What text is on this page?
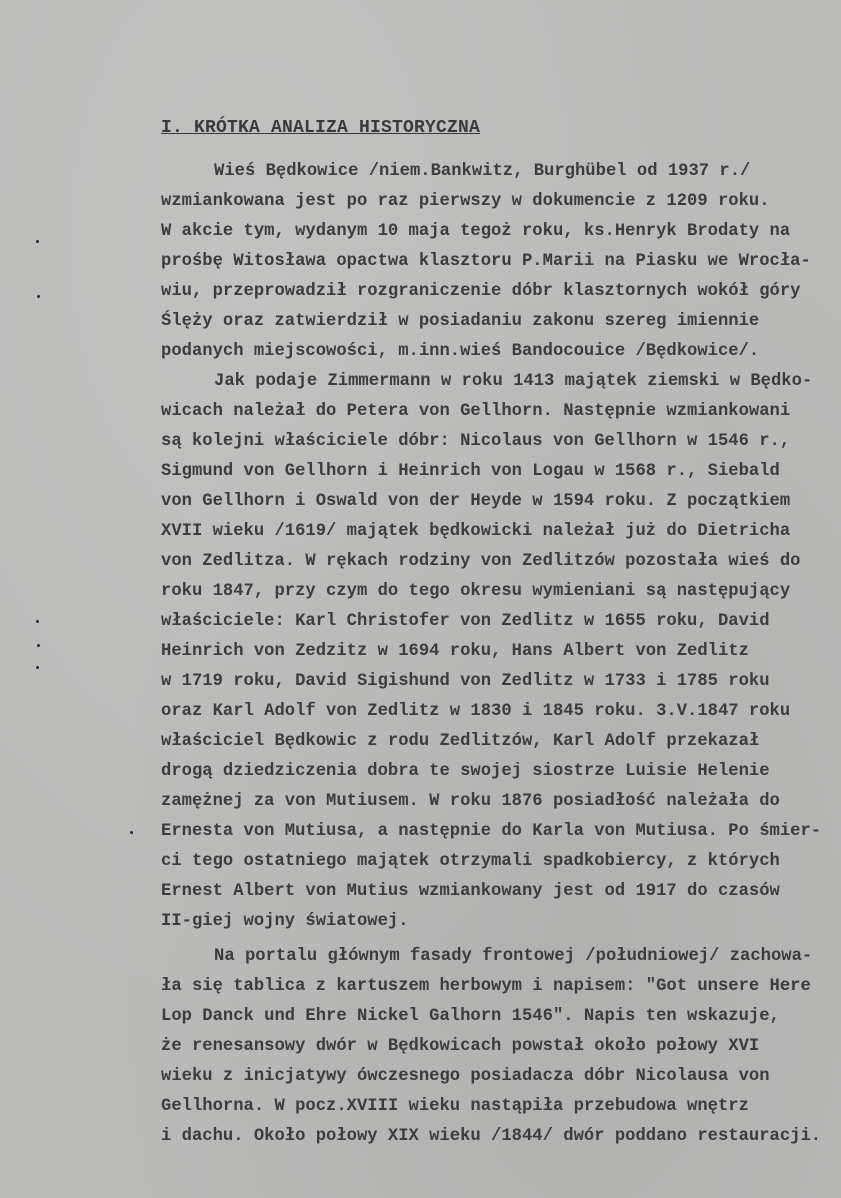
I. KRÓTKA ANALIZA HISTORYCZNA
Wieś Będkowice /niem.Bankwitz, Burghübel od 1937 r./
wzmiankowana jest po raz pierwszy w dokumencie z 1209 roku.
W akcie tym, wydanym 10 maja tegoż roku, ks.Henryk Brodaty na
prośbę Witosława opactwa klasztoru P.Marii na Piasku we Wrocła-
wiu, przeprowadził rozgraniczenie dóbr klasztornych wokół góry
Ślęży oraz zatwierdził w posiadaniu zakonu szereg imiennie
podanych miejscowości, m.inn.wieś Bandocouice /Będkowice/.
Jak podaje Zimmermann w roku 1413 majątek ziemski w Będko-
wicach należał do Petera von Gellhorn. Następnie wzmiankowani
są kolejni właściciele dóbr: Nicolaus von Gellhorn w 1546 r.,
Sigmund von Gellhorn i Heinrich von Logau w 1568 r., Siebald
von Gellhorn i Oswald von der Heyde w 1594 roku. Z początkiem
XVII wieku /1619/ majątek będkowicki należał już do Dietricha
von Zedlitza. W rękach rodziny von Zedlitzów pozostała wieś do
roku 1847, przy czym do tego okresu wymieniani są następujący
właściciele: Karl Christofer von Zedlitz w 1655 roku, David
Heinrich von Zedzitz w 1694 roku, Hans Albert von Zedlitz
w 1719 roku, David Sigishund von Zedlitz w 1733 i 1785 roku
oraz Karl Adolf von Zedlitz w 1830 i 1845 roku. 3.V.1847 roku
właściciel Będkowic z rodu Zedlitzów, Karl Adolf przekazał
drogą dziedziczenia dobra te swojej siostrze Luisie Helenie
zamężnej za von Mutiusem. W roku 1876 posiadłość należała do
Ernesta von Mutiusa, a następnie do Karla von Mutiusa. Po śmier-
ci tego ostatniego majątek otrzymali spadkobiercy, z których
Ernest Albert von Mutius wzmiankowany jest od 1917 do czasów
II-giej wojny światowej.
Na portalu głównym fasady frontowej /południowej/ zachowa-
ła się tablica z kartuszem herbowym i napisem: "Got unsere Here
Lop Danck und Ehre Nickel Galhorn 1546". Napis ten wskazuje,
że renesansowy dwór w Będkowicach powstał około połowy XVI
wieku z inicjatywy ówczesnego posiadacza dóbr Nicolausa von
Gellhorna. W pocz.XVIII wieku nastąpiła przebudowa wnętrz
i dachu. Około połowy XIX wieku /1844/ dwór poddano restauracji.
